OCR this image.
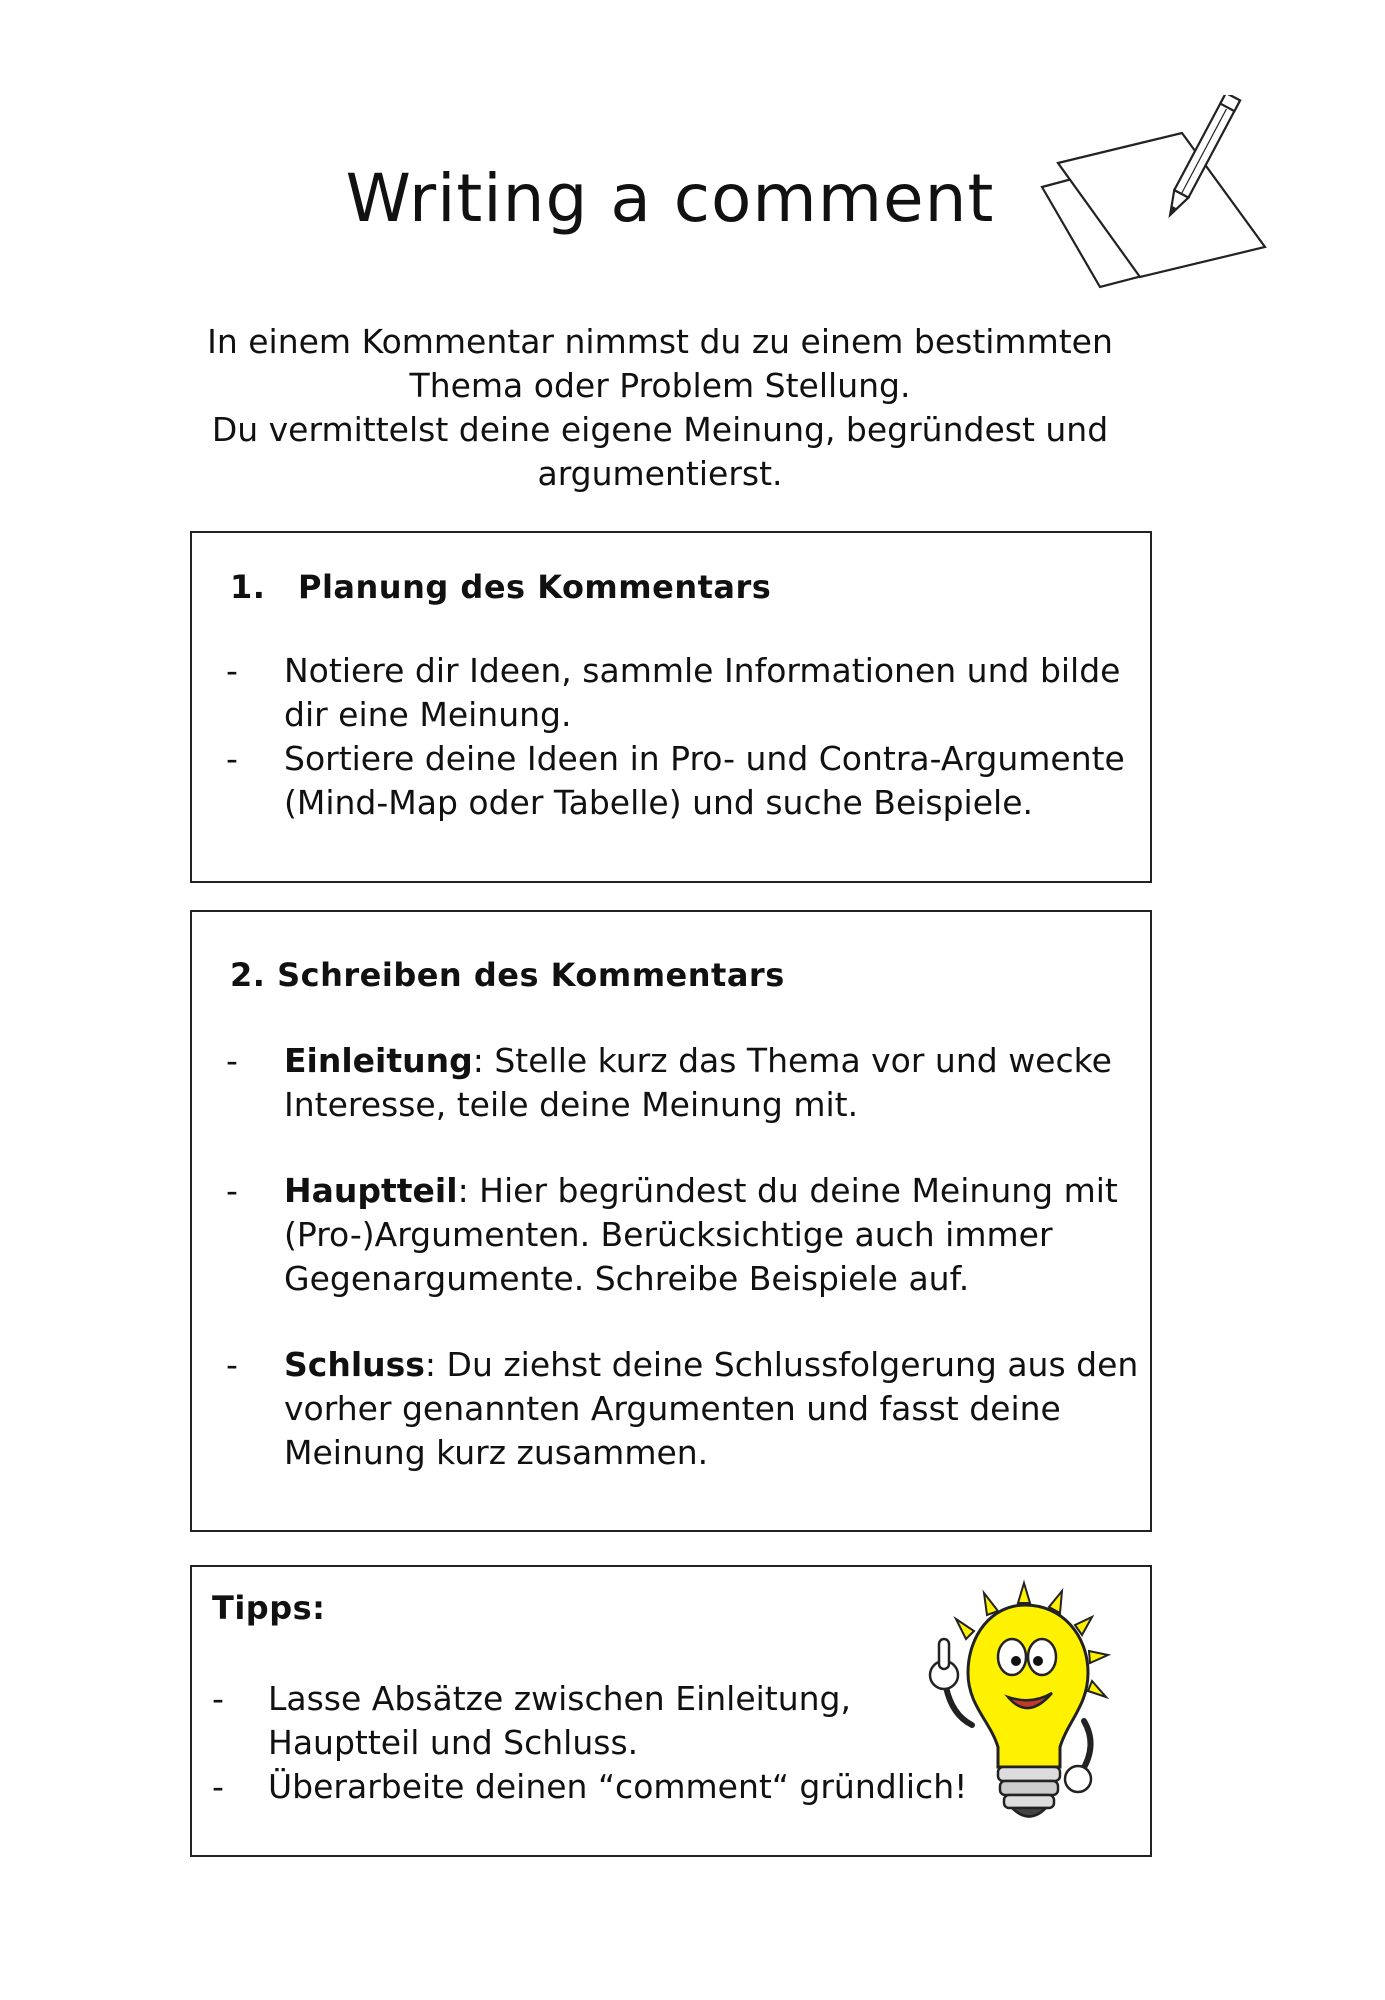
Writing a comment
In einem Kommentar nimmst du zu einem bestimmten
Thema oder Problem Stellung.
Du vermittelst deine eigene Meinung, begründest und
argumentierst.
1. Planung des Kommentars
- Notiere dir Ideen, sammle Informationen und bilde dir eine Meinung.
- Sortiere deine Ideen in Pro- und Contra-Argumente (Mind-Map oder Tabelle) und suche Beispiele.
2. Schreiben des Kommentars
- Einleitung: Stelle kurz das Thema vor und wecke Interesse, teile deine Meinung mit.
- Hauptteil: Hier begründest du deine Meinung mit (Pro-)Argumenten. Berücksichtige auch immer Gegenargumente. Schreibe Beispiele auf.
- Schluss: Du ziehst deine Schlussfolgerung aus den vorher genannten Argumenten und fasst deine Meinung kurz zusammen.
Tipps:
- Lasse Absätze zwischen Einleitung, Hauptteil und Schluss.
- Überarbeite deinen “comment“ gründlich!
